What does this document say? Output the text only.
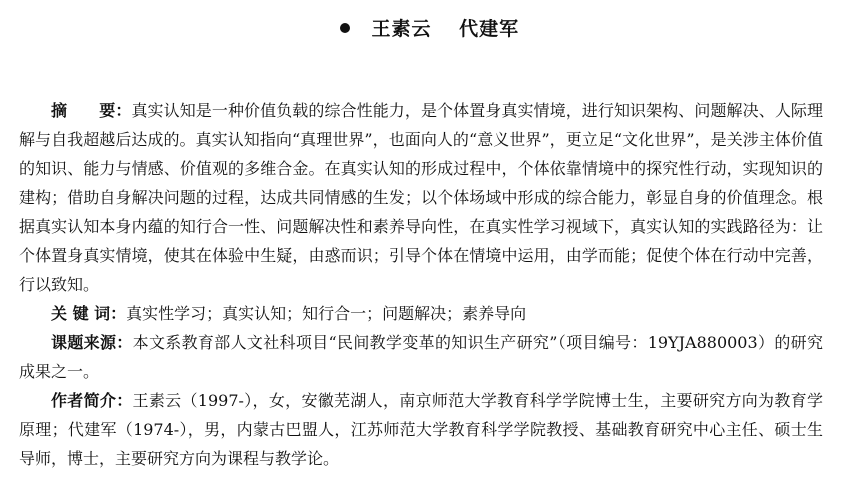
王素云 代建军

摘　　要：真实认知是一种价值负载的综合性能力，是个体置身真实情境，进行知识架构、问题解决、人际理解与自我超越后达成的。真实认知指向“真理世界”，也面向人的“意义世界”，更立足“文化世界”，是关涉主体价值的知识、能力与情感、价值观的多维合金。在真实认知的形成过程中，个体依靠情境中的探究性行动，实现知识的建构；借助自身解决问题的过程，达成共同情感的生发；以个体场域中形成的综合能力，彰显自身的价值理念。根据真实认知本身内蕴的知行合一性、问题解决性和素养导向性，在真实性学习视域下，真实认知的实践路径为：让个体置身真实情境，使其在体验中生疑，由惑而识；引导个体在情境中运用，由学而能；促使个体在行动中完善，行以致知。

关 键 词：真实性学习；真实认知；知行合一；问题解决；素养导向

课题来源：本文系教育部人文社科项目“民间教学变革的知识生产研究”（项目编号：19YJA880003）的研究成果之一。

作者简介：王素云（1997-），女，安徽芜湖人，南京师范大学教育科学学院博士生，主要研究方向为教育学原理；代建军（1974-），男，内蒙古巴盟人，江苏师范大学教育科学学院教授、基础教育研究中心主任、硕士生导师，博士，主要研究方向为课程与教学论。
